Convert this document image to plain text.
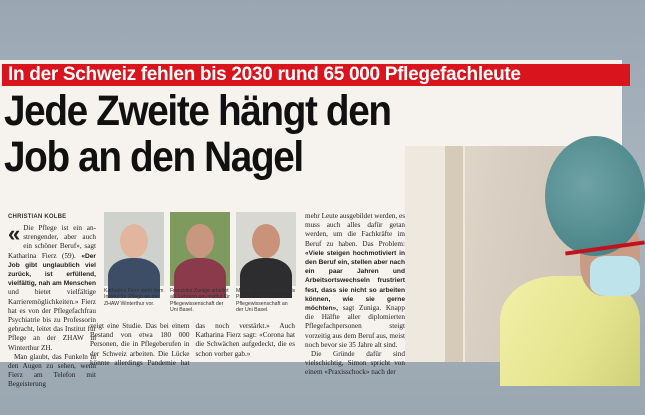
In der Schweiz fehlen bis 2030 rund 65 000 Pflegefachleute
Jede Zweite hängt den
Job an den Nagel
CHRISTIAN KOLBE
« Die Pflege ist ein anstrengender, aber auch ein schöner Beruf», sagt Katharina Fierz (59). «Der Job gibt unglaublich viel zurück, ist erfüllend, vielfältig, nah am Menschen und bietet vielfältige Karrieremöglichkeiten.» Fierz hat es von der Pflegefachfrau Psychiatrie bis zu Professorin gebracht, leitet das Institut für Pflege an der ZHAW in Winterthur ZH.
Man glaubt, das Funkeln in den Augen zu sehen, wenn Fierz am Telefon mit Begeisterung
Katharina Fierz steht dem Institut für Pflege an der ZHAW Winterthur vor.
Franziska Zuniga arbeitet als Lehrerin am Institut für Pflegewissenschaft der Uni Basel.
Michael Simon forscht als Professor für Pflegewissenschaft an der Uni Basel.
zeigt eine Studie. Das bei einem Bestand von etwa 180 000 Personen, die in Pflegeberufen in der Schweiz arbeiten. Die Lücke könnte allerdings Pandemie hat das noch verstärkt.» Auch Katharina Fierz sagt: «Corona hat die Schwächen aufgedeckt, die es schon vorher gab.»
mehr Leute ausgebildet werden, es muss auch alles dafür getan werden, um die Fachkräfte im Beruf zu haben. Das Problem: «Viele steigen hochmotiviert in den Beruf ein, stellen aber nach ein paar Jahren und Arbeitsortswechseln frustriert fest, dass sie nicht so arbeiten können, wie sie gerne möchten», sagt Zuniga. Knapp die Hälfte aller diplomierten Pflegefachpersonen steigt vorzeitig aus dem Beruf aus, meist noch bevor sie 35 Jahre alt sind.
Die Gründe dafür sind vielschichtig, Simon spricht von einem «Praxisschock» nach der
